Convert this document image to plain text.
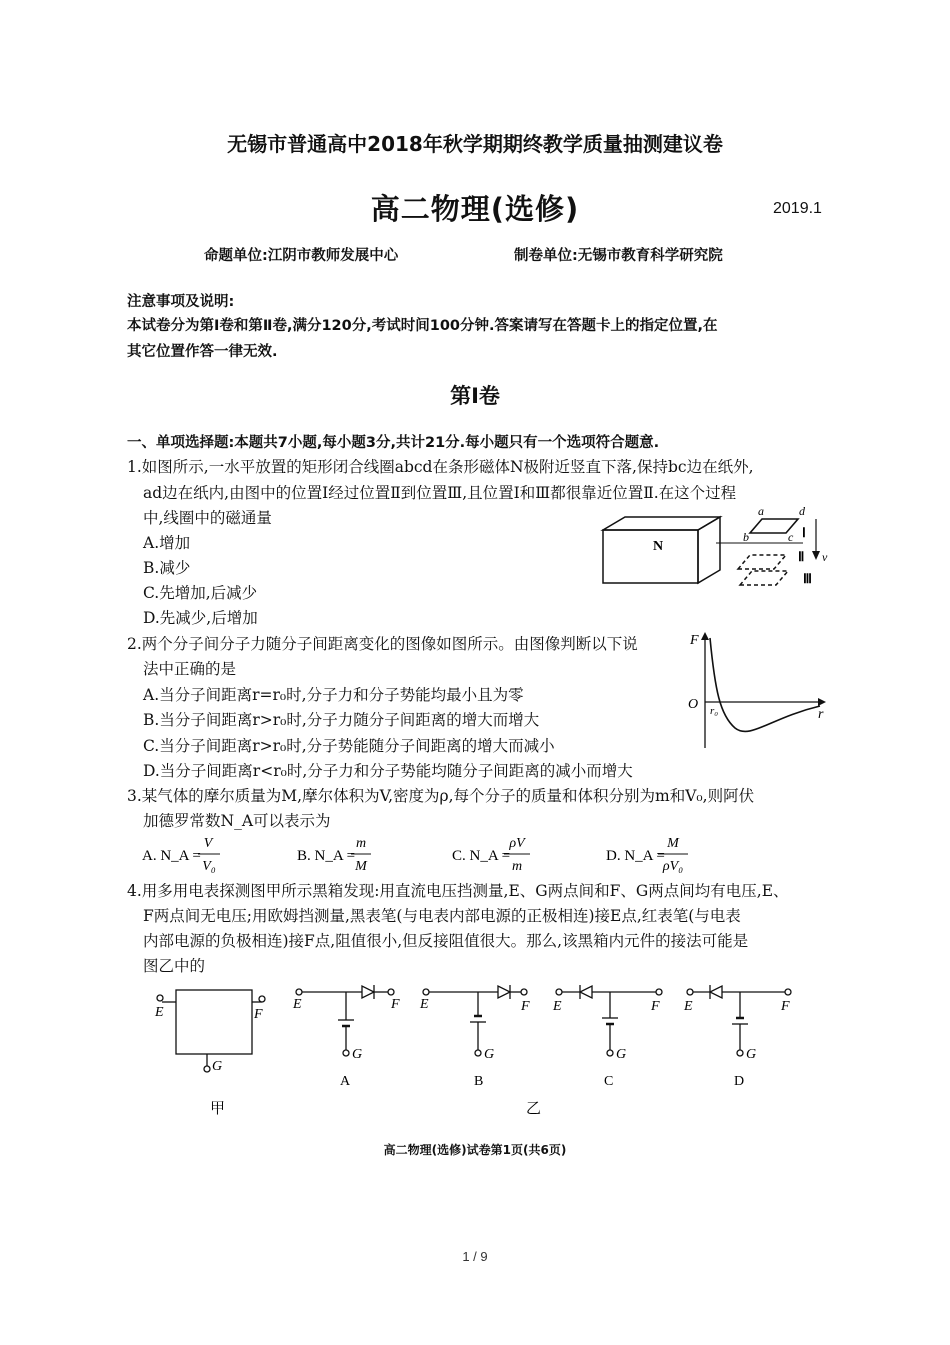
无锡市普通高中2018年秋学期期终教学质量抽测建议卷
高二物理(选修)	2019.1
命题单位:江阴市教师发展中心	制卷单位:无锡市教育科学研究院
注意事项及说明:
本试卷分为第Ⅰ卷和第Ⅱ卷,满分120分,考试时间100分钟.答案请写在答题卡上的指定位置,在
其它位置作答一律无效.
第Ⅰ卷
一、单项选择题:本题共7小题,每小题3分,共计21分.每小题只有一个选项符合题意.
1.如图所示,一水平放置的矩形闭合线圈abcd在条形磁体N极附近竖直下落,保持bc边在纸外,
ad边在纸内,由图中的位置Ⅰ经过位置Ⅱ到位置Ⅲ,且位置Ⅰ和Ⅲ都很靠近位置Ⅱ.在这个过程
中,线圈中的磁通量
A.增加
B.减少
C.先增加,后减少
D.先减少,后增加
N
a	d
b	c Ⅰ
Ⅱ
Ⅲ
v
2.两个分子间分子力随分子间距离变化的图像如图所示。由图像判断以下说
法中正确的是
A.当分子间距离r=r₀时,分子力和分子势能均最小且为零
B.当分子间距离r>r₀时,分子力随分子间距离的增大而增大
C.当分子间距离r>r₀时,分子势能随分子间距离的增大而减小
D.当分子间距离r<r₀时,分子力和分子势能均随分子间距离的减小而增大
F
O r₀	r
3.某气体的摩尔质量为M,摩尔体积为V,密度为ρ,每个分子的质量和体积分别为m和V₀,则阿伏
加德罗常数N_A可以表示为
A. N_A =
V
V₀
B. N_A =
m
M
C. N_A =
ρV
m
D. N_A =
M
ρV₀
4.用多用电表探测图甲所示黑箱发现:用直流电压挡测量,E、G两点间和F、G两点间均有电压,E、
F两点间无电压;用欧姆挡测量,黑表笔(与电表内部电源的正极相连)接E点,红表笔(与电表
内部电源的负极相连)接F点,阻值很小,但反接阻值很大。那么,该黑箱内元件的接法可能是
图乙中的
E	F
G
E	F
G
E	F
G
E	F
G
E	F
G
A	B	C	D
甲	乙
高二物理(选修)试卷第1页(共6页)
1 / 9
